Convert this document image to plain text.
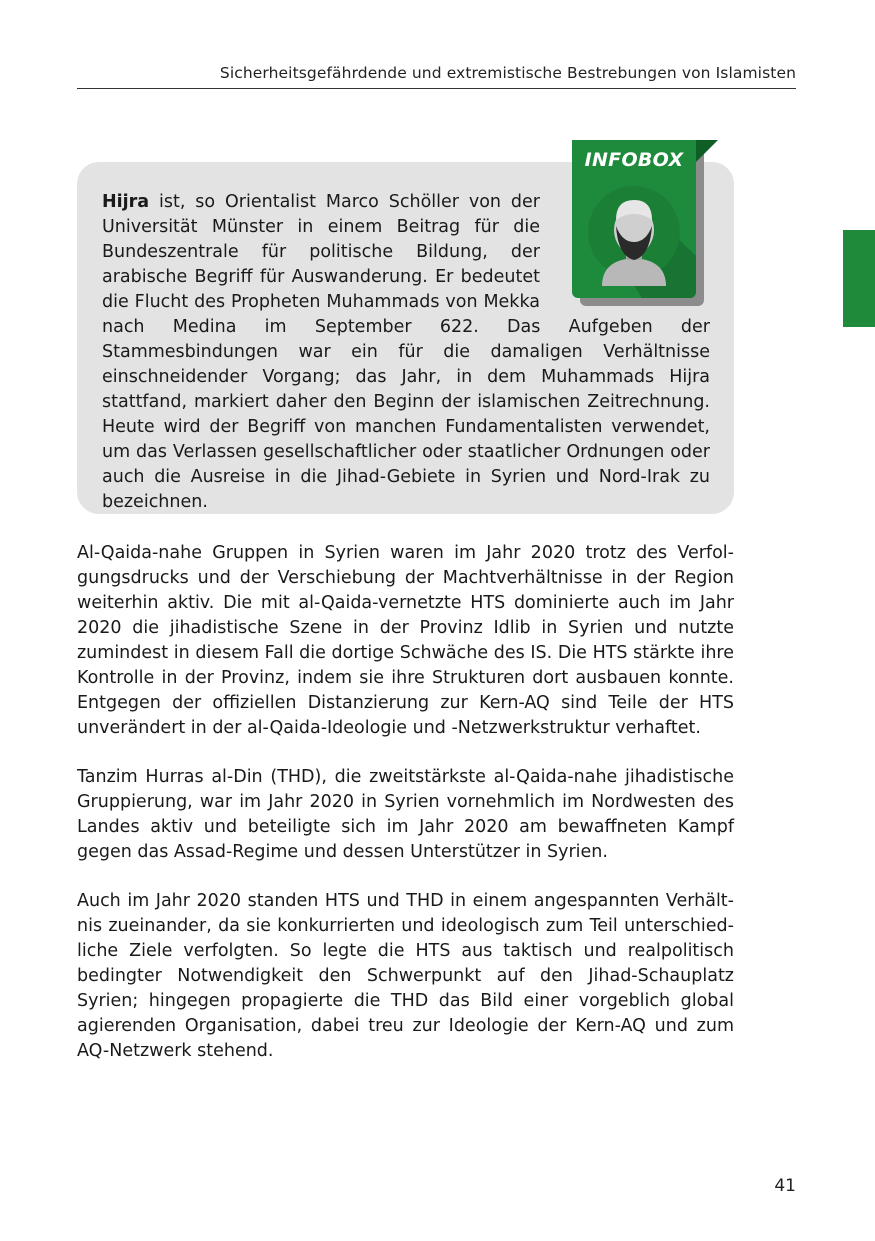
Sicherheitsgefährdende und extremistische Bestrebungen von Islamisten
Hijra ist, so Orientalist Marco Schöller von der Universität Münster in einem Beitrag für die Bundeszentrale für politische Bildung, der arabische Begriff für Auswanderung. Er bedeutet die Flucht des Propheten Muhammads von Mekka nach Medina im September 622. Das Aufgeben der Stammesbindungen war ein für die damaligen Verhältnisse einschneidender Vorgang; das Jahr, in dem Muhammads Hijra stattfand, markiert daher den Beginn der islamischen Zeitrechnung. Heute wird der Begriff von manchen Fundamentalisten verwendet, um das Verlassen gesellschaftlicher oder staatlicher Ordnungen oder auch die Ausreise in die Jihad-Gebiete in Syrien und Nord-Irak zu bezeichnen.
INFOBOX

Al-Qaida-nahe Gruppen in Syrien waren im Jahr 2020 trotz des Verfolgungsdrucks und der Verschiebung der Machtverhältnisse in der Region weiterhin aktiv. Die mit al-Qaida-vernetzte HTS dominierte auch im Jahr 2020 die jihadistische Szene in der Provinz Idlib in Syrien und nutzte zumindest in diesem Fall die dortige Schwäche des IS. Die HTS stärkte ihre Kontrolle in der Provinz, indem sie ihre Strukturen dort ausbauen konnte. Entgegen der offiziellen Distanzierung zur Kern-AQ sind Teile der HTS unverändert in der al-Qaida-Ideologie und -Netzwerkstruktur verhaftet.

Tanzim Hurras al-Din (THD), die zweitstärkste al-Qaida-nahe jihadistische Gruppierung, war im Jahr 2020 in Syrien vornehmlich im Nordwesten des Landes aktiv und beteiligte sich im Jahr 2020 am bewaffneten Kampf gegen das Assad-Regime und dessen Unterstützer in Syrien.

Auch im Jahr 2020 standen HTS und THD in einem angespannten Verhältnis zueinander, da sie konkurrierten und ideologisch zum Teil unterschiedliche Ziele verfolgten. So legte die HTS aus taktisch und realpolitisch bedingter Notwendigkeit den Schwerpunkt auf den Jihad-Schauplatz Syrien; hingegen propagierte die THD das Bild einer vorgeblich global agierenden Organisation, dabei treu zur Ideologie der Kern-AQ und zum AQ-Netzwerk stehend.

41
